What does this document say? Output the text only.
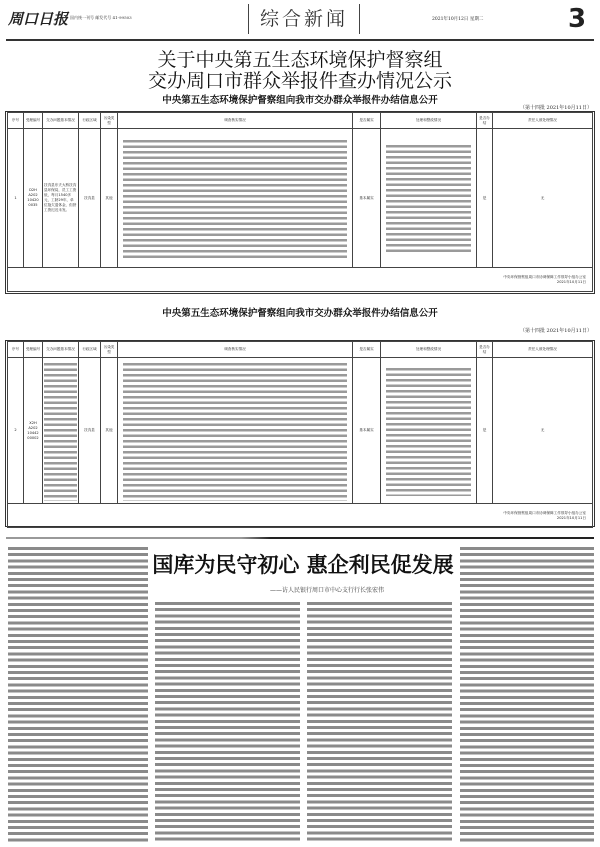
周口日报 国内统一刊号 邮发代号 41-99503	综合新闻	2021年10月12日 星期二	3
关于中央第五生态环境保护督察组
交办周口市群众举报件查办情况公示
中央第五生态环境保护督察组向我市交办群众举报件办结信息公开
（第十四批 2021年10月11日）
序号	受理编号	交办问题基本情况	行政区域	污染类型	调查核实情况	是否属实	处理和整改情况	是否办结	责任人被处理情况
1	D2H A202 10420 0035	扶沟县东夫大桥扶沟县环保局，员工工资低，每月1540多元，工龄29年，单位拖欠退休金，但挤工资迟迟未发。	扶沟县	其他		基本属实		是	无

中央环保督察组周口市协调保障工作领导小组办公室
2021年10月11日									
中央第五生态环境保护督察组向我市交办群众举报件办结信息公开
（第十四批 2021年10月11日）
序号	受理编号	交办问题基本情况	行政区域	污染类型	调查核实情况	是否属实	处理和整改情况	是否办结	责任人被处理情况
2	X2H A202 10442 00002		扶沟县	其他		基本属实		是	无

中央环保督察组周口市协调保障工作领导小组办公室
2021年10月11日									
国库为民守初心 惠企利民促发展
——访人民银行周口市中心支行行长张宏伟
